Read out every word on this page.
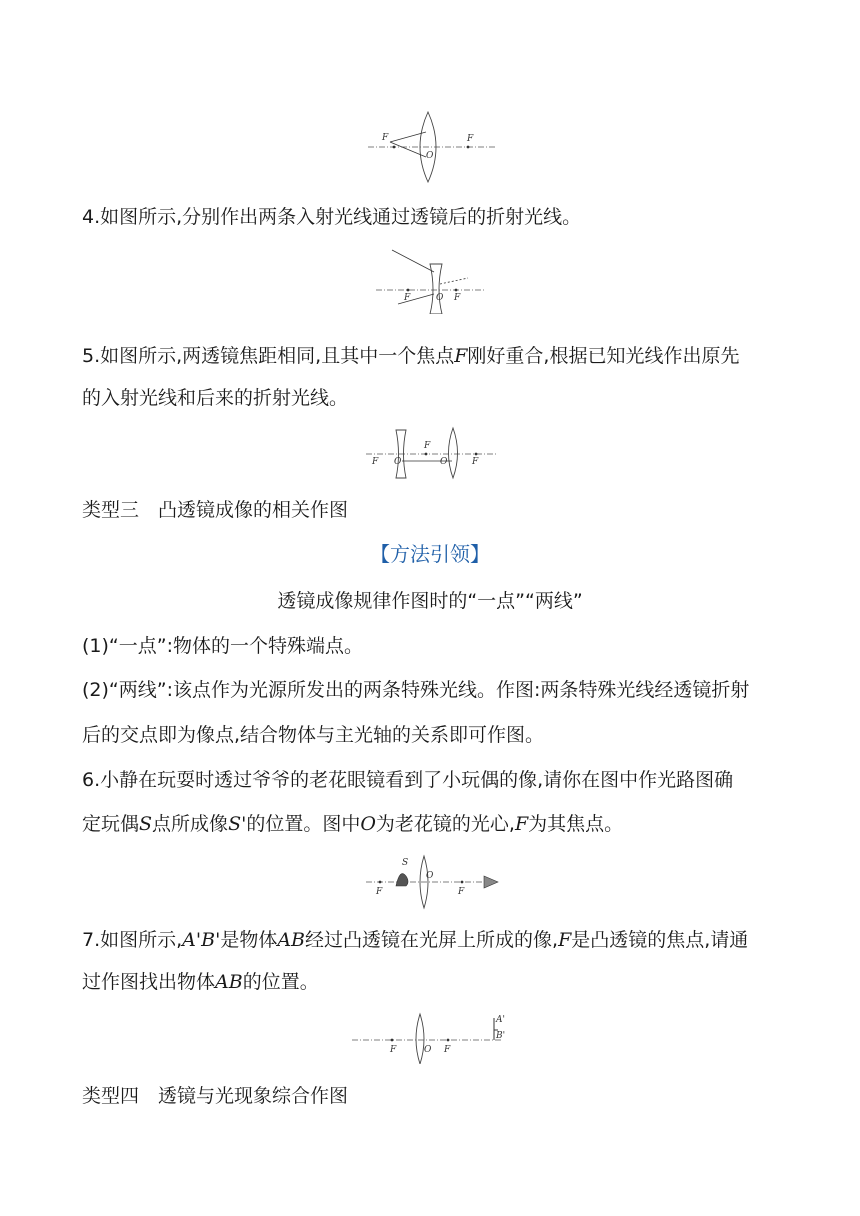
F
O
F
4.如图所示,分别作出两条入射光线通过透镜后的折射光线。
F	O F
5.如图所示,两透镜焦距相同,且其中一个焦点F刚好重合,根据已知光线作出原先
的入射光线和后来的折射光线。
F O
F
O	F
类型三　凸透镜成像的相关作图
【方法引领】
透镜成像规律作图时的“一点”“两线”
(1)“一点”:物体的一个特殊端点。
(2)“两线”:该点作为光源所发出的两条特殊光线。作图:两条特殊光线经透镜折射
后的交点即为像点,结合物体与主光轴的关系即可作图。
6.小静在玩耍时透过爷爷的老花眼镜看到了小玩偶的像,请你在图中作光路图确
定玩偶S点所成像S'的位置。图中O为老花镜的光心,F为其焦点。
S
F
O
F
7.如图所示,A'B'是物体AB经过凸透镜在光屏上所成的像,F是凸透镜的焦点,请通
过作图找出物体AB的位置。
F	O F
A'
B'
类型四　透镜与光现象综合作图
